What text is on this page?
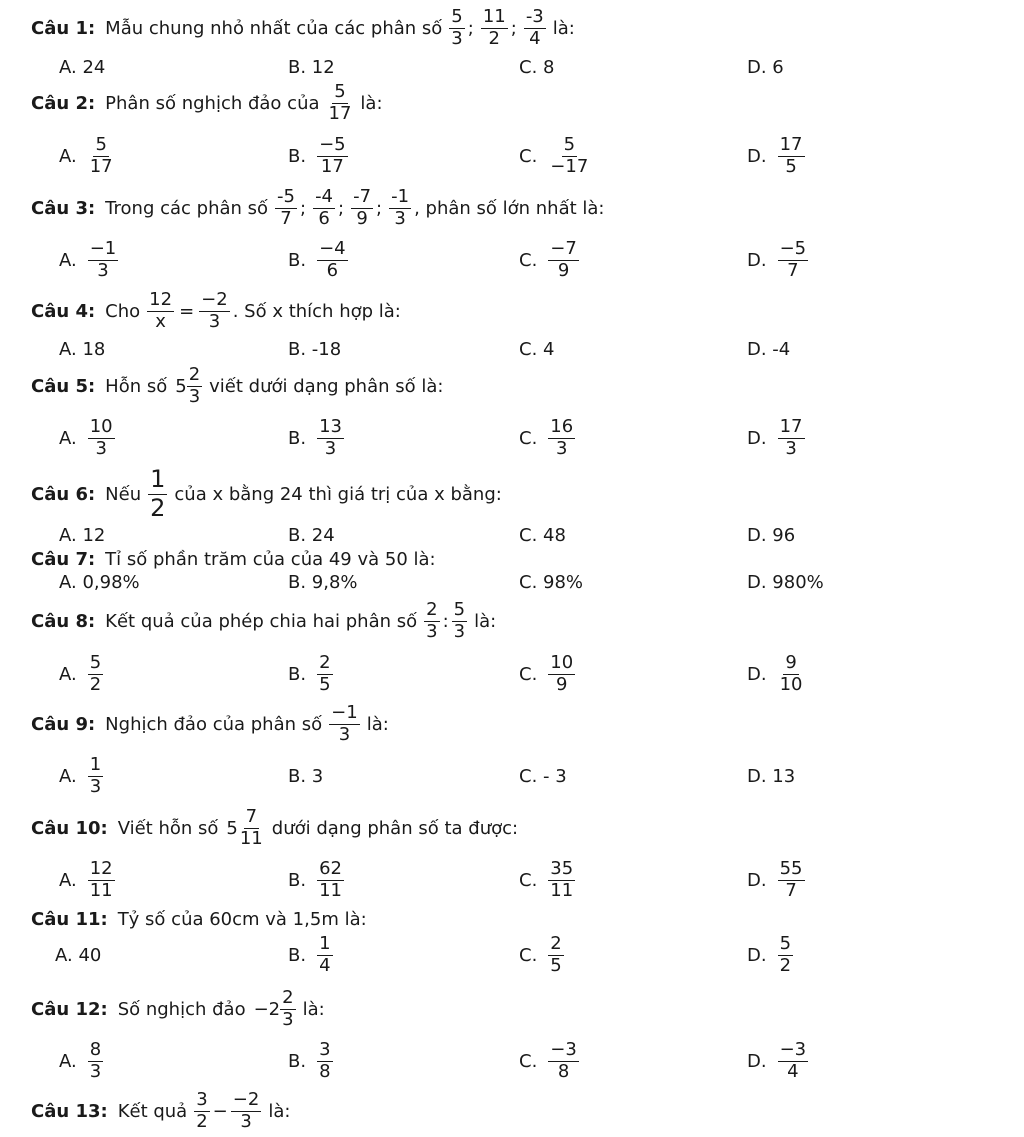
Câu 1: Mẫu chung nhỏ nhất của các phân số
5
3 ;
11
2 ;
-3
4 là:
A. 24	B. 12	C. 8	D. 6
Câu 2: Phân số nghịch đảo của
5
17 là:
A.
5
17	B.
−5
17	C.
5
−17	D.
17
5
Câu 3: Trong các phân số
-5
7 ;
-4
6 ;
-7
9 ;
-1
3 , phân số lớn nhất là:
A.
−1
3	B.
−4
6	C.
−7
9	D.
−5
7
Câu 4: Cho $\frac{12}{x} = \frac{-2}{3}$ . Số x thích hợp là:
A. 18	B. -18	C. 4	D. -4
Câu 5: Hỗn số 5
2
3 viết dưới dạng phân số là:
A.
10
3	B.
13
3	C.
16
3	D.
17
3
Câu 6: Nếu
1
2 của x bằng 24 thì giá trị của x bằng:
A. 12	B. 24	C. 48	D. 96
Câu 7: Tỉ số phần trăm của của 49 và 50 là:
A. 0,98%	B. 9,8%	C. 98%	D. 980%
Câu 8: Kết quả của phép chia hai phân số
2
3 :
5
3 là:
A.
5
2	B.
2
5	C.
10
9	D.
9
10
Câu 9: Nghịch đảo của phân số
−1
3 là:
A.
1
3	B. 3	C. - 3	D. 13
Câu 10: Viết hỗn số 5
7
11 dưới dạng phân số ta được:
A.
12
11	B.
62
11	C.
35
11	D.
55
7
Câu 11: Tỷ số của 60cm và 1,5m là:
A. 40	B.
1
4	C.
2
5	D.
5
2
Câu 12: Số nghịch đảo −2
2
3 là:
A.
8
3	B.
3
8	C.
−3
8	D.
−3
4
Câu 13: Kết quả
3
$2 - \frac{-2}{3}$ là:
